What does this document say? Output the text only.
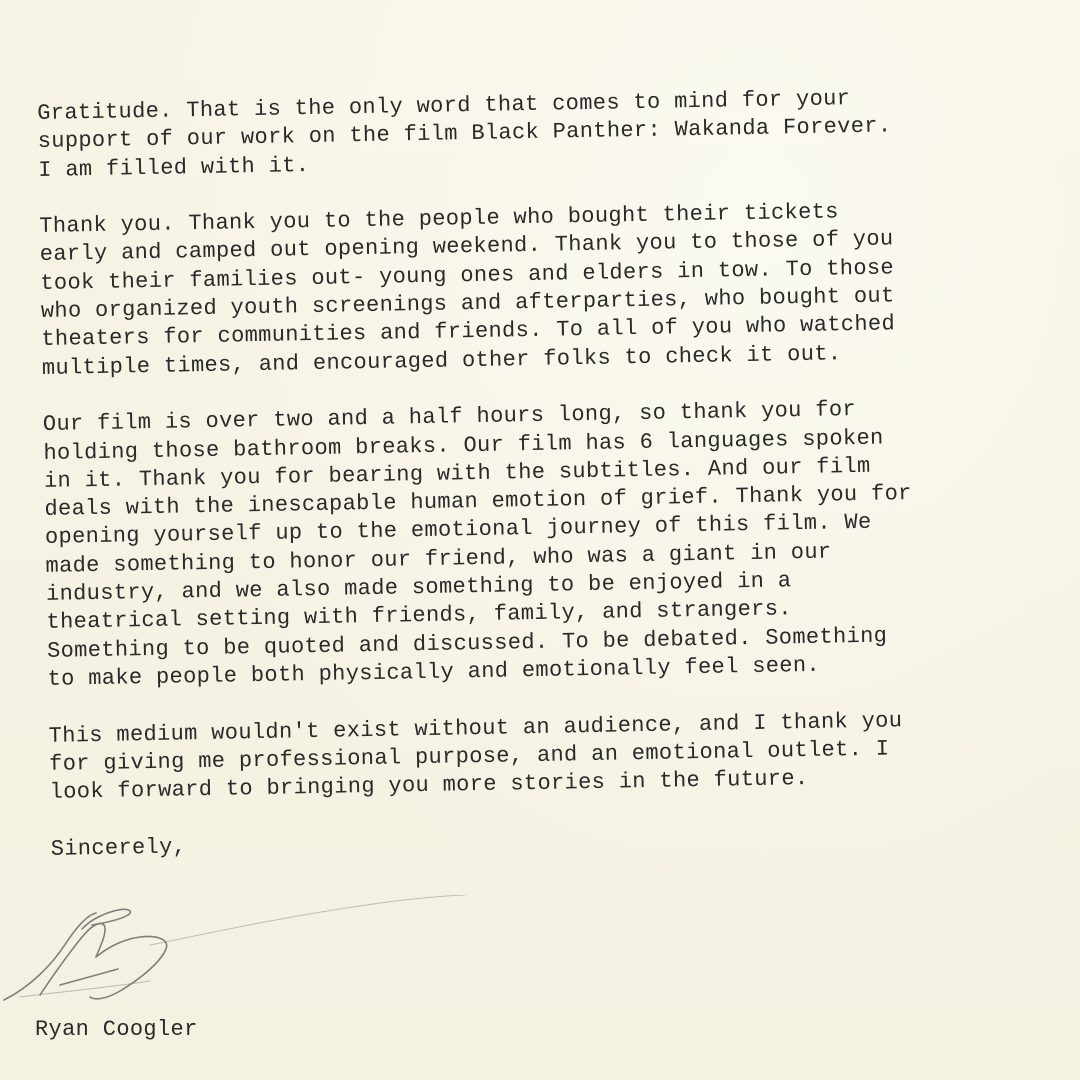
Gratitude. That is the only word that comes to mind for your
support of our work on the film Black Panther: Wakanda Forever.
I am filled with it.

Thank you. Thank you to the people who bought their tickets
early and camped out opening weekend. Thank you to those of you
took their families out- young ones and elders in tow. To those
who organized youth screenings and afterparties, who bought out
theaters for communities and friends. To all of you who watched
multiple times, and encouraged other folks to check it out.

Our film is over two and a half hours long, so thank you for
holding those bathroom breaks. Our film has 6 languages spoken
in it. Thank you for bearing with the subtitles. And our film
deals with the inescapable human emotion of grief. Thank you for
opening yourself up to the emotional journey of this film. We
made something to honor our friend, who was a giant in our
industry, and we also made something to be enjoyed in a
theatrical setting with friends, family, and strangers.
Something to be quoted and discussed. To be debated. Something
to make people both physically and emotionally feel seen.

This medium wouldn't exist without an audience, and I thank you
for giving me professional purpose, and an emotional outlet. I
look forward to bringing you more stories in the future.

Sincerely,

Ryan Coogler
